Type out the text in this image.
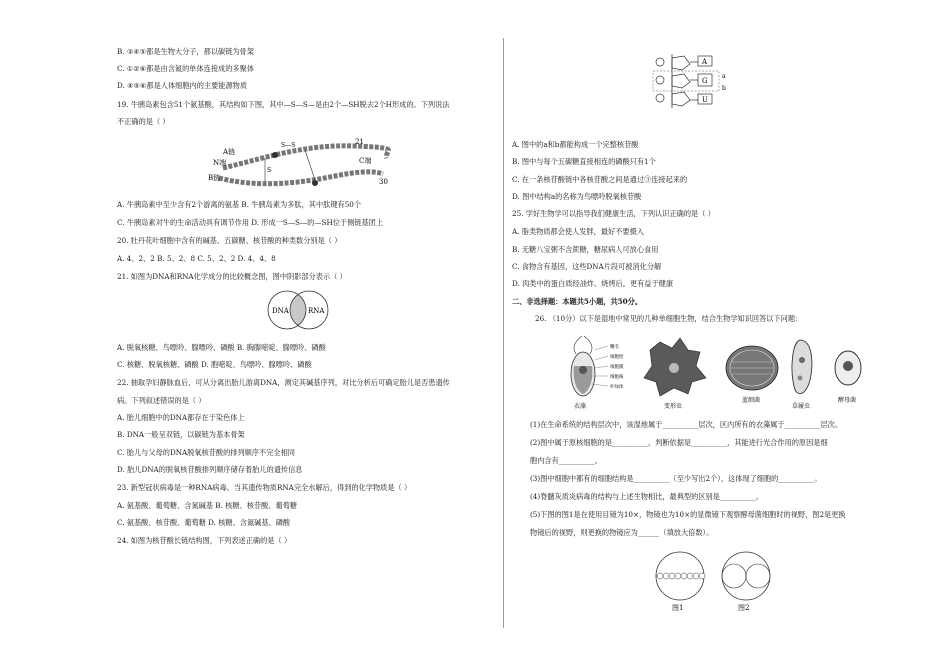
B. ③④⑤都是生物大分子，都以碳链为骨架
C. ①②⑥都是由含氮的单体连接成的多聚体
D. ④⑤⑥都是人体细胞内的主要能源物质
19. 牛胰岛素包含51个氨基酸，其结构如下图，其中—S—S—是由2个—SH脱去2个H形成的。下列说法
不正确的是（ ）
A链
N端
B链
S—S
S
21
C端
30
A. 牛胰岛素中至少含有2个游离的氨基 B. 牛胰岛素为多肽，其中肽键有50个
C. 牛胰岛素对牛的生命活动具有调节作用 D. 形成一S—S—的—SH位于侧链基团上
20. 牡丹花叶细胞中含有的碱基、五碳糖、核苷酸的种类数分别是（ ）
A. 4、2、2 B. 5、2、8 C. 5、2、2 D. 4、4、8
21. 如图为DNA和RNA化学成分的比较概念图，图中阴影部分表示（ ）
DNA	RNA
A. 脱氧核糖、鸟嘌呤、腺嘌呤、磷酸 B. 胸腺嘧啶、腺嘌呤、磷酸
C. 核糖、脱氧核糖、磷酸 D. 胞嘧啶、鸟嘌呤、腺嘌呤、磷酸
22. 抽取孕妇静脉血后，可从分离出胎儿游离DNA，测定其碱基序列，对比分析后可确定胎儿是否患遗传
病。下列叙述错误的是（ ）
A. 胎儿细胞中的DNA都存在于染色体上
B. DNA一般呈双链，以碳链为基本骨架
C. 胎儿与父母的DNA脱氧核苷酸的排列顺序不完全相同
D. 胎儿DNA的脱氧核苷酸排列顺序储存着胎儿的遗传信息
23. 新型冠状病毒是一种RNA病毒。当其遗传物质RNA完全水解后，得到的化学物质是（ ）
A. 氨基酸、葡萄糖、含氮碱基 B. 核糖、核苷酸、葡萄糖
C. 氨基酸、核苷酸、葡萄糖 D. 核糖、含氮碱基、磷酸
24. 如图为核苷酸长链结构图，下列表述正确的是（ ）
A
G
U
a
b
A. 图中的a和b都能构成一个完整核苷酸
B. 图中与每个五碳糖直接相连的磷酸只有1个
C. 在一条核苷酸链中各核苷酸之间是通过③连接起来的
D. 图中结构a的名称为鸟嘌呤脱氧核苷酸
25. 学好生物学可以指导我们健康生活，下列认识正确的是（ ）
A. 脂类物质都会使人发胖，最好不要摄入
B. 无糖八宝粥不含蔗糖，糖尿病人可放心食用
C. 食物含有基因，这些DNA片段可被消化分解
D. 肉类中的蛋白质经油炸、烧烤后，更有益于健康
二、非选择题：本题共5小题，共50分。
26. （10分）以下是湿地中常见的几种单细胞生物，结合生物学知识回答以下问题：
鞭毛
细胞壁
细胞膜
细胞核
叶绿体
衣藻	变形虫
蓝细菌
草履虫
酵母菌
(1)在生命系统的结构层次中，该湿地属于__________层次，区内所有的衣藻属于__________层次。
(2)图中属于原核细胞的是__________，判断依据是__________，其能进行光合作用的原因是细
胞内含有__________。
(3)图中细胞中都有的细胞结构是__________（至少写出2个），这体现了细胞的__________。
(4)脊髓灰质炎病毒的结构与上述生物相比，最典型的区别是__________。
(5)下图的图1是在使用目镜为10×，物镜也为10×的显微镜下观察酵母菌细胞时的视野，图2是更换
物镜后的视野，则更换的物镜应为______（填放大倍数）。
图1	图2
